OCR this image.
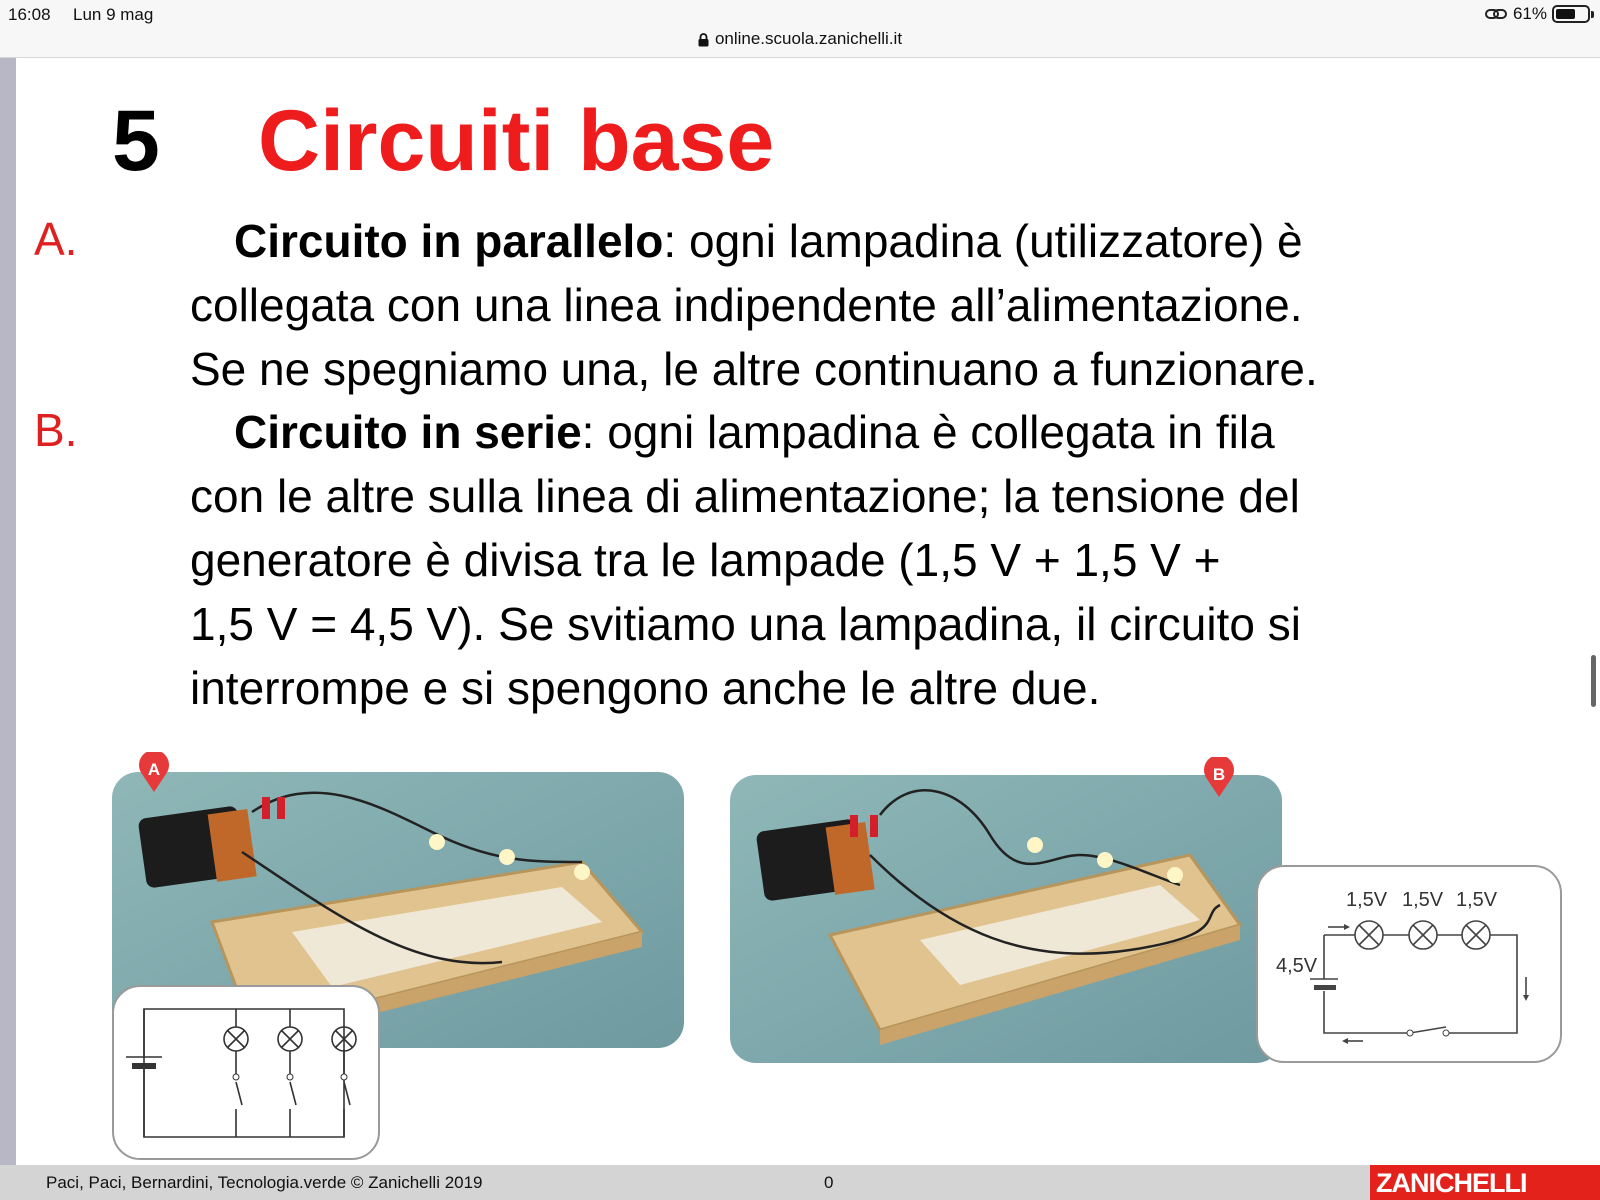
16:08 Lun 9 mag	61%
online.scuola.zanichelli.it
5 Circuiti base
A.	Circuito in parallelo: ogni lampadina (utilizzatore) è
collegata con una linea indipendente all’alimentazione.
Se ne spegniamo una, le altre continuano a funzionare.
B.	Circuito in serie: ogni lampadina è collegata in fila
con le altre sulla linea di alimentazione; la tensione del
generatore è divisa tra le lampade (1,5 V + 1,5 V +
1,5 V = 4,5 V). Se svitiamo una lampadina, il circuito si
interrompe e si spengono anche le altre due.
A	B
1,5V 1,5V 1,5V
4,5V
Paci, Paci, Bernardini, Tecnologia.verde © Zanichelli 2019	0	ZANICHELLI
